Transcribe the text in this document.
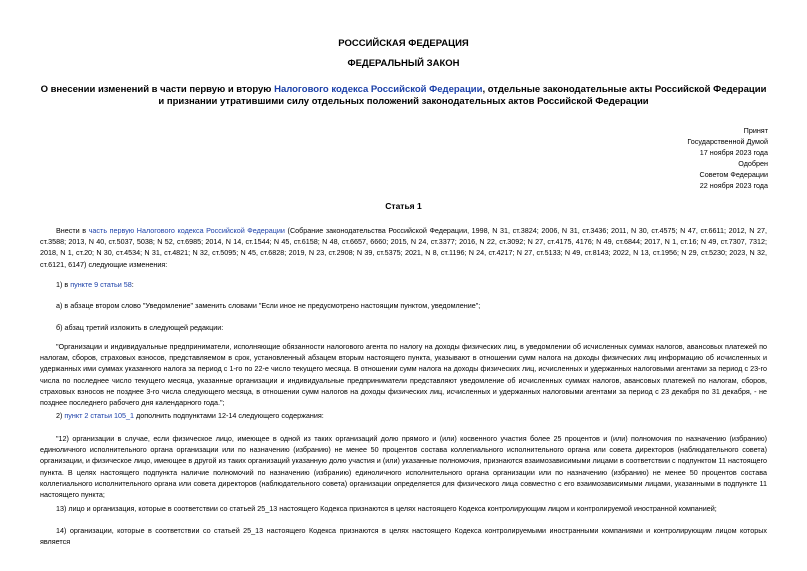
РОССИЙСКАЯ ФЕДЕРАЦИЯ
ФЕДЕРАЛЬНЫЙ ЗАКОН
О внесении изменений в части первую и вторую Налогового кодекса Российской Федерации, отдельные законодательные акты Российской Федерации и признании утратившими силу отдельных положений законодательных актов Российской Федерации
Принят
Государственной Думой
17 ноября 2023 года
Одобрен
Советом Федерации
22 ноября 2023 года
Статья 1
Внести в часть первую Налогового кодекса Российской Федерации (Собрание законодательства Российской Федерации, 1998, N 31, ст.3824; 2006, N 31, ст.3436; 2011, N 30, ст.4575; N 47, ст.6611; 2012, N 27, ст.3588; 2013, N 40, ст.5037, 5038; N 52, ст.6985; 2014, N 14, ст.1544; N 45, ст.6158; N 48, ст.6657, 6660; 2015, N 24, ст.3377; 2016, N 22, ст.3092; N 27, ст.4175, 4176; N 49, ст.6844; 2017, N 1, ст.16; N 49, ст.7307, 7312; 2018, N 1, ст.20; N 30, ст.4534; N 31, ст.4821; N 32, ст.5095; N 45, ст.6828; 2019, N 23, ст.2908; N 39, ст.5375; 2021, N 8, ст.1196; N 24, ст.4217; N 27, ст.5133; N 49, ст.8143; 2022, N 13, ст.1956; N 29, ст.5230; 2023, N 32, ст.6121, 6147) следующие изменения:
1) в пункте 9 статьи 58:
а) в абзаце втором слово "Уведомление" заменить словами "Если иное не предусмотрено настоящим пунктом, уведомление";
б) абзац третий изложить в следующей редакции:
"Организации и индивидуальные предприниматели, исполняющие обязанности налогового агента по налогу на доходы физических лиц, в уведомлении об исчисленных суммах налогов, авансовых платежей по налогам, сборов, страховых взносов, представляемом в срок, установленный абзацем вторым настоящего пункта, указывают в отношении сумм налога на доходы физических лиц информацию об исчисленных и удержанных ими суммах указанного налога за период с 1-го по 22-е число текущего месяца. В отношении сумм налога на доходы физических лиц, исчисленных и удержанных налоговыми агентами за период с 23-го числа по последнее число текущего месяца, указанные организации и индивидуальные предприниматели представляют уведомление об исчисленных суммах налогов, авансовых платежей по налогам, сборов, страховых взносов не позднее 3-го числа следующего месяца, в отношении сумм налогов на доходы физических лиц, исчисленных и удержанных налоговыми агентами за период с 23 декабря по 31 декабря, - не позднее последнего рабочего дня календарного года.";
2) пункт 2 статьи 105_1 дополнить подпунктами 12-14 следующего содержания:
"12) организации в случае, если физическое лицо, имеющее в одной из таких организаций долю прямого и (или) косвенного участия более 25 процентов и (или) полномочия по назначению (избранию) единоличного исполнительного органа организации или по назначению (избранию) не менее 50 процентов состава коллегиального исполнительного органа или совета директоров (наблюдательного совета) организации, и физическое лицо, имеющее в другой из таких организаций указанную долю участия и (или) указанные полномочия, признаются взаимозависимыми лицами в соответствии с подпунктом 11 настоящего пункта. В целях настоящего подпункта наличие полномочий по назначению (избранию) единоличного исполнительного органа организации или по назначению (избранию) не менее 50 процентов состава коллегиального исполнительного органа или совета директоров (наблюдательного совета) организации определяется для физического лица совместно с его взаимозависимыми лицами, указанными в подпункте 11 настоящего пункта;
13) лицо и организация, которые в соответствии со статьей 25_13 настоящего Кодекса признаются в целях настоящего Кодекса контролирующим лицом и контролируемой иностранной компанией;
14) организации, которые в соответствии со статьей 25_13 настоящего Кодекса признаются в целях настоящего Кодекса контролируемыми иностранными компаниями и контролирующим лицом которых является
